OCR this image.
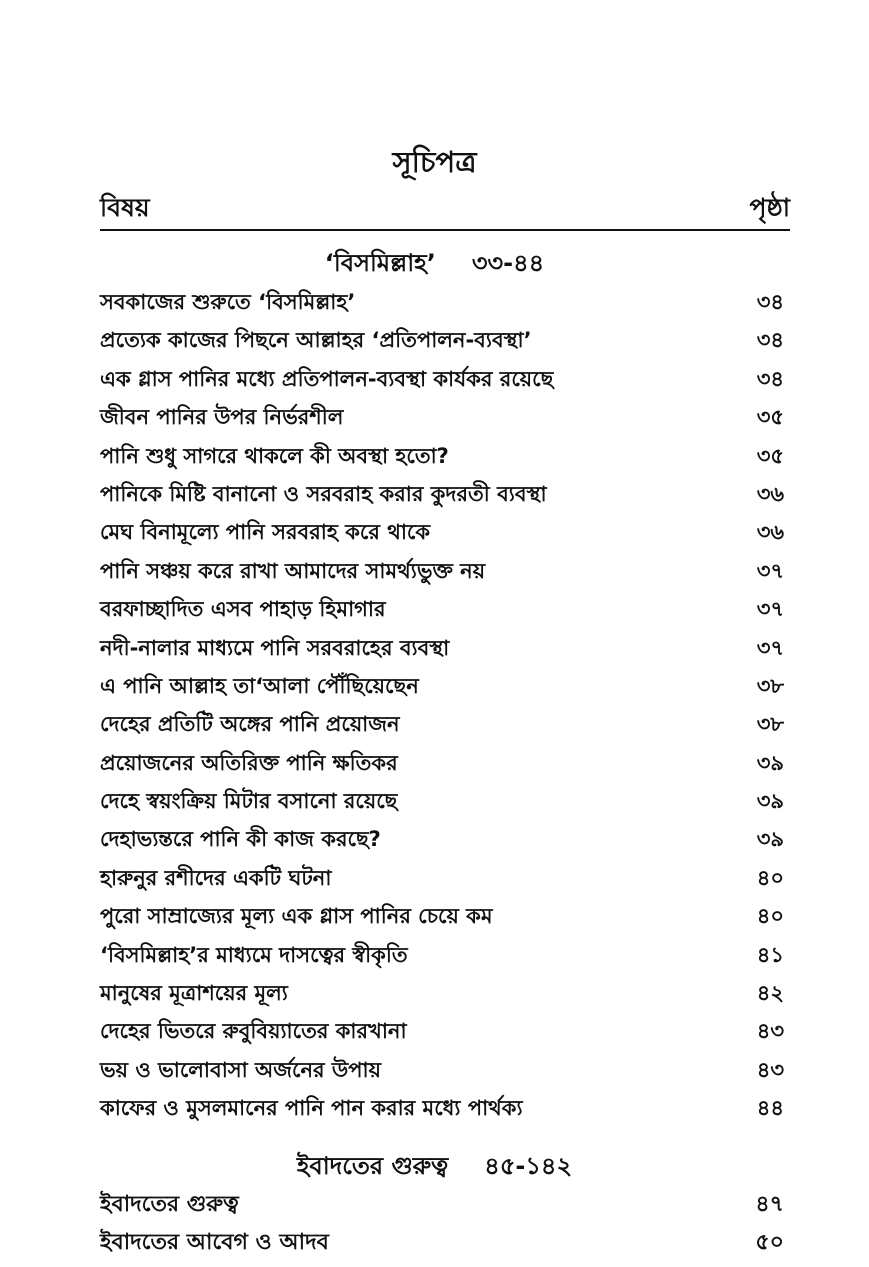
সূচিপত্র
বিষয়	পৃষ্ঠা
‘বিসমিল্লাহ’ ৩৩-৪৪
সবকাজের শুরুতে ‘বিসমিল্লাহ’	৩৪
প্রত্যেক কাজের পিছনে আল্লাহর ‘প্রতিপালন-ব্যবস্থা’	৩৪
এক গ্লাস পানির মধ্যে প্রতিপালন-ব্যবস্থা কার্যকর রয়েছে	৩৪
জীবন পানির উপর নির্ভরশীল	৩৫
পানি শুধু সাগরে থাকলে কী অবস্থা হতো?	৩৫
পানিকে মিষ্টি বানানো ও সরবরাহ করার কুদরতী ব্যবস্থা	৩৬
মেঘ বিনামূল্যে পানি সরবরাহ করে থাকে	৩৬
পানি সঞ্চয় করে রাখা আমাদের সামর্থ্যভুক্ত নয়	৩৭
বরফাচ্ছাদিত এসব পাহাড় হিমাগার	৩৭
নদী-নালার মাধ্যমে পানি সরবরাহের ব্যবস্থা	৩৭
এ পানি আল্লাহ তা‘আলা পৌঁছিয়েছেন	৩৮
দেহের প্রতিটি অঙ্গের পানি প্রয়োজন	৩৮
প্রয়োজনের অতিরিক্ত পানি ক্ষতিকর	৩৯
দেহে স্বয়ংক্রিয় মিটার বসানো রয়েছে	৩৯
দেহাভ্যন্তরে পানি কী কাজ করছে?	৩৯
হারুনুর রশীদের একটি ঘটনা	৪০
পুরো সাম্রাজ্যের মূল্য এক গ্লাস পানির চেয়ে কম	৪০
‘বিসমিল্লাহ’র মাধ্যমে দাসত্বের স্বীকৃতি	৪১
মানুষের মূত্রাশয়ের মূল্য	৪২
দেহের ভিতরে রুবুবিয়্যাতের কারখানা	৪৩
ভয় ও ভালোবাসা অর্জনের উপায়	৪৩
কাফের ও মুসলমানের পানি পান করার মধ্যে পার্থক্য	৪৪
ইবাদতের গুরুত্ব ৪৫-১৪২
ইবাদতের গুরুত্ব	৪৭
ইবাদতের আবেগ ও আদব	৫০
